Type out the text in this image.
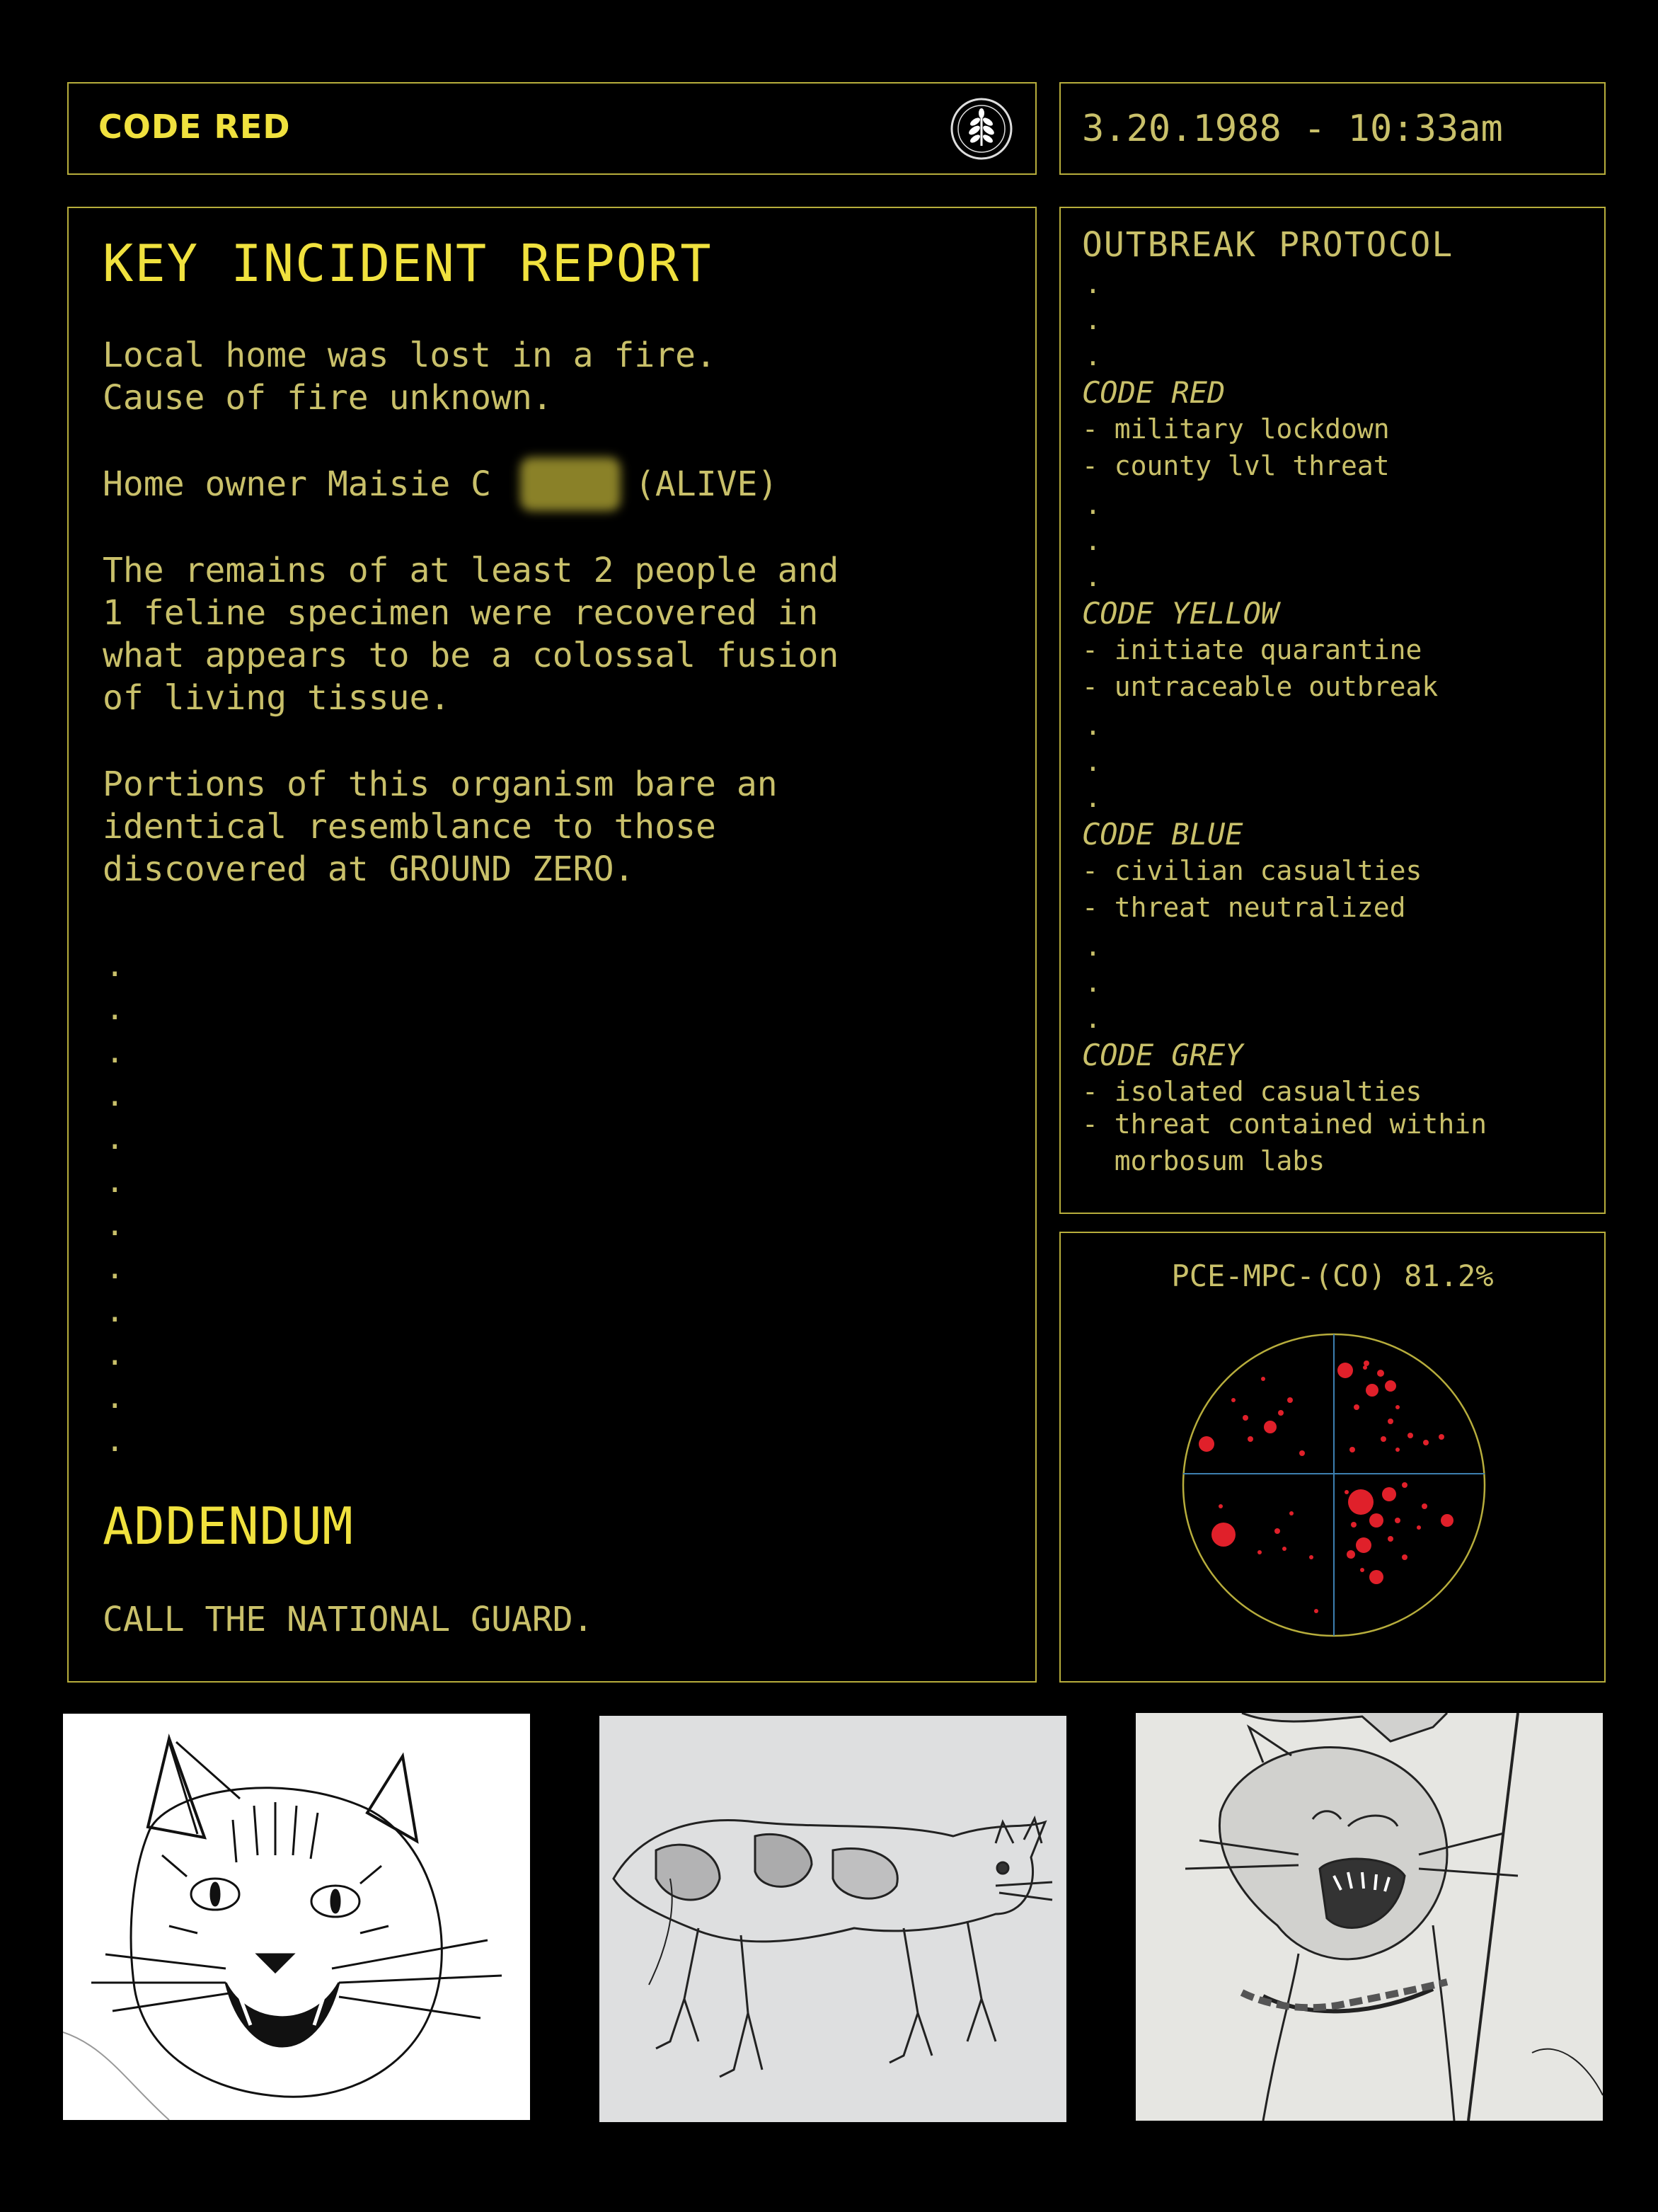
CODE RED	3.20.1988 - 10:33am
KEY INCIDENT REPORT
Local home was lost in a fire.
Cause of fire unknown.
Home owner Maisie C	(ALIVE)
The remains of at least 2 people and
1 feline specimen were recovered in
what appears to be a colossal fusion
of living tissue.
Portions of this organism bare an
identical resemblance to those
discovered at GROUND ZERO.
.
.
.
.
.
.
.
.
.
.
.
.
ADDENDUM
CALL THE NATIONAL GUARD.
OUTBREAK PROTOCOL
.
.
.
CODE RED
- military lockdown
- county lvl threat
.
.
.
CODE YELLOW
- initiate quarantine
- untraceable outbreak
.
.
.
CODE BLUE
- civilian casualties
- threat neutralized
.
.
.
CODE GREY
- isolated casualties
- threat contained within
morbosum labs
PCE-MPC-(CO) 81.2%
